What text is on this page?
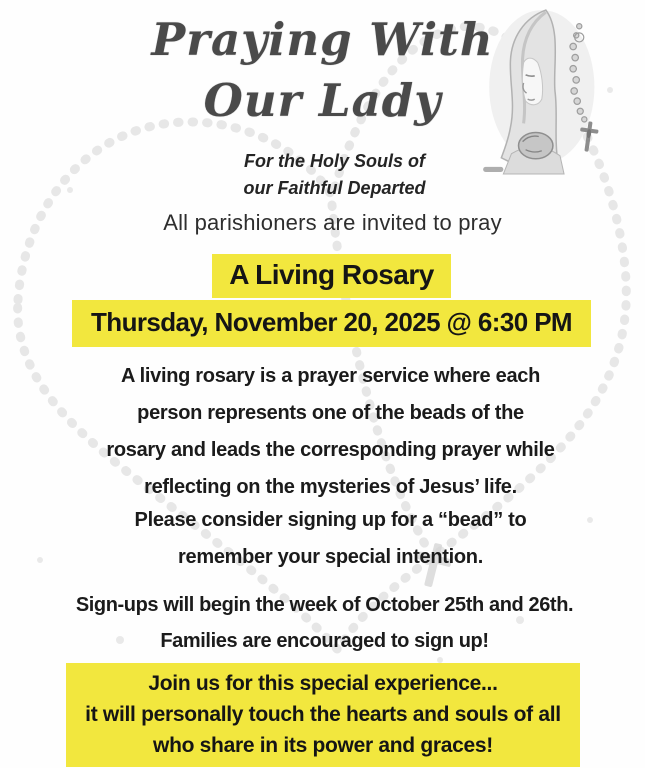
Praying With
Our Lady
For the Holy Souls of
our Faithful Departed
All parishioners are invited to pray
A Living Rosary
Thursday, November 20, 2025 @ 6:30 PM
A living rosary is a prayer service where each
person represents one of the beads of the
rosary and leads the corresponding prayer while
reflecting on the mysteries of Jesus’ life.
Please consider signing up for a “bead” to
remember your special intention.
Sign-ups will begin the week of October 25th and 26th.
Families are encouraged to sign up!
Join us for this special experience...
it will personally touch the hearts and souls of all
who share in its power and graces!
